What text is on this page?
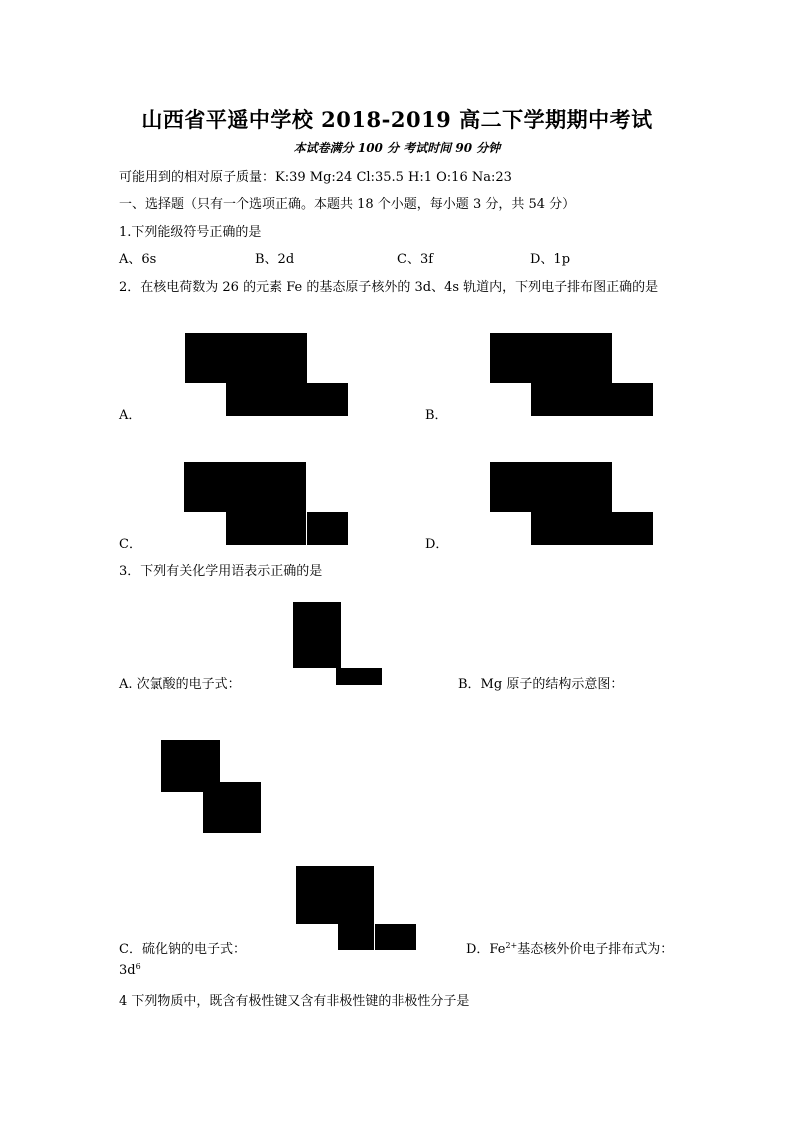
山西省平遥中学校 2018-2019 高二下学期期中考试
本试卷满分 100 分 考试时间 90 分钟
可能用到的相对原子质量：K:39 Mg:24 Cl:35.5 H:1 O:16 Na:23
一、选择题（只有一个选项正确。本题共 18 个小题，每小题 3 分，共 54 分）
1.下列能级符号正确的是
A、6s	B、2d	C、3f	D、1p
2．在核电荷数为 26 的元素 Fe 的基态原子核外的 3d、4s 轨道内，下列电子排布图正确的是
A．	B．
C．	D．
3．下列有关化学用语表示正确的是
A. 次氯酸的电子式：	B．Mg 原子的结构示意图：
C．硫化钠的电子式：	D．$Fe^{2+}$基态核外价电子排布式为：
$3d^6$
4 下列物质中，既含有极性键又含有非极性键的非极性分子是
